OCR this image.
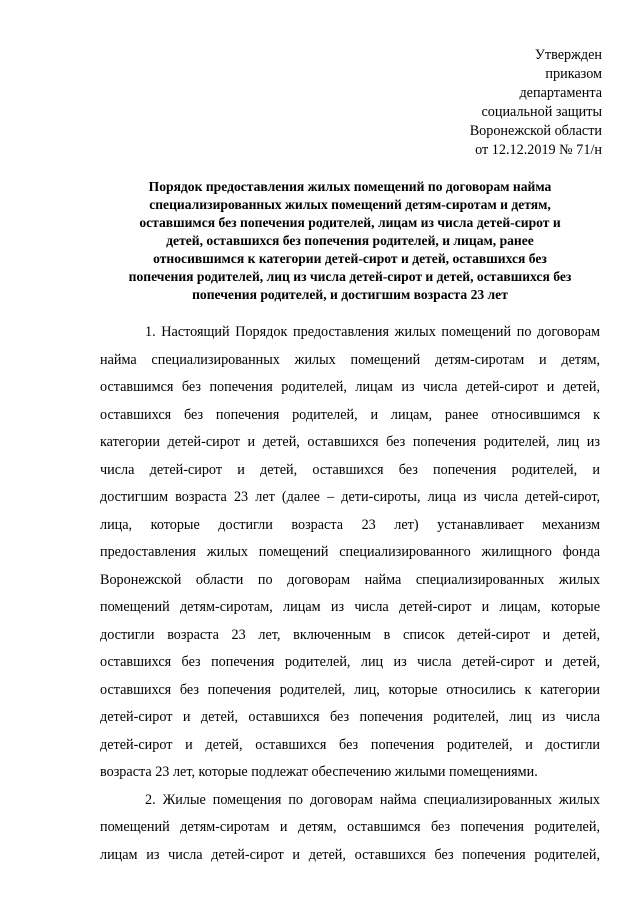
Утвержден
приказом
департамента
социальной защиты
Воронежской области
от 12.12.2019 № 71/н
Порядок предоставления жилых помещений по договорам найма
специализированных жилых помещений детям-сиротам и детям,
оставшимся без попечения родителей, лицам из числа детей-сирот и
детей, оставшихся без попечения родителей, и лицам, ранее
относившимся к категории детей-сирот и детей, оставшихся без
попечения родителей, лиц из числа детей-сирот и детей, оставшихся без
попечения родителей, и достигшим возраста 23 лет
1. Настоящий Порядок предоставления жилых помещений по договорам
найма специализированных жилых помещений детям-сиротам и детям,
оставшимся без попечения родителей, лицам из числа детей-сирот и детей,
оставшихся без попечения родителей, и лицам, ранее относившимся к
категории детей-сирот и детей, оставшихся без попечения родителей, лиц из
числа детей-сирот и детей, оставшихся без попечения родителей, и
достигшим возраста 23 лет (далее – дети-сироты, лица из числа детей-сирот,
лица, которые достигли возраста 23 лет) устанавливает механизм
предоставления жилых помещений специализированного жилищного фонда
Воронежской области по договорам найма специализированных жилых
помещений детям-сиротам, лицам из числа детей-сирот и лицам, которые
достигли возраста 23 лет, включенным в список детей-сирот и детей,
оставшихся без попечения родителей, лиц из числа детей-сирот и детей,
оставшихся без попечения родителей, лиц, которые относились к категории
детей-сирот и детей, оставшихся без попечения родителей, лиц из числа
детей-сирот и детей, оставшихся без попечения родителей, и достигли
возраста 23 лет, которые подлежат обеспечению жилыми помещениями.
2. Жилые помещения по договорам найма специализированных жилых
помещений детям-сиротам и детям, оставшимся без попечения родителей,
лицам из числа детей-сирот и детей, оставшихся без попечения родителей,
